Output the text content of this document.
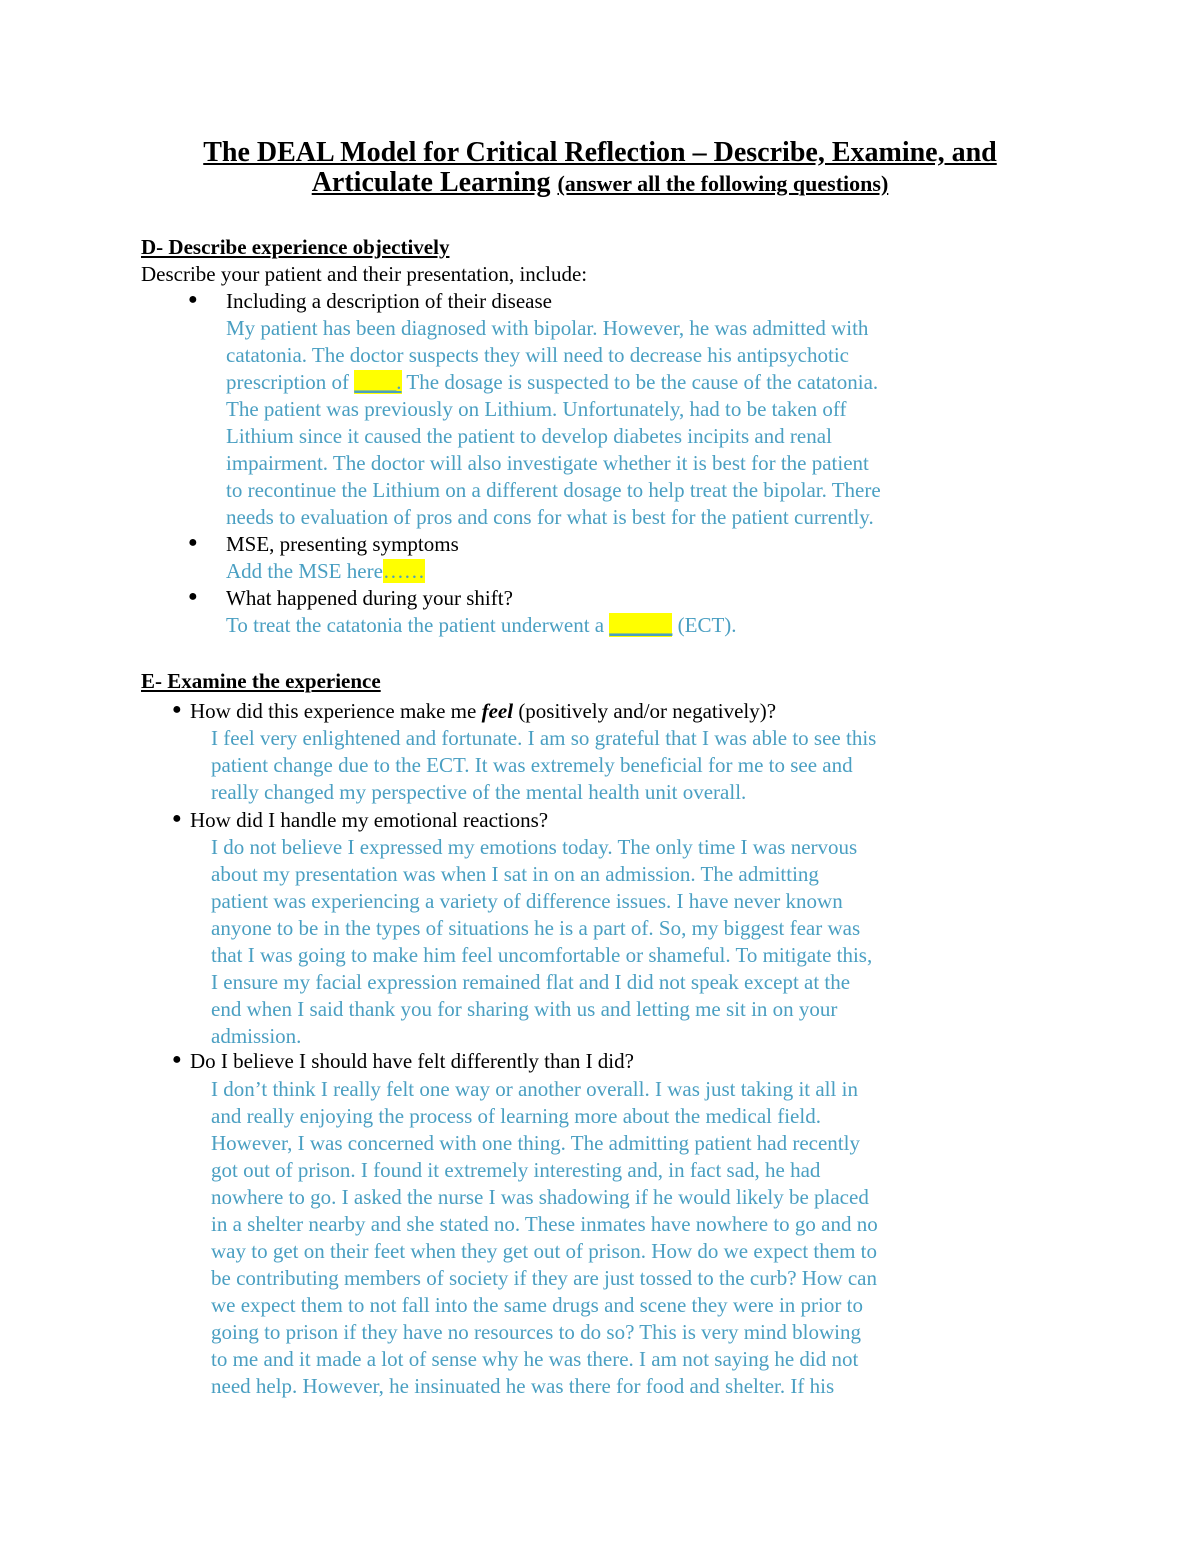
The DEAL Model for Critical Reflection – Describe, Examine, and
Articulate Learning (answer all the following questions)
D- Describe experience objectively
Describe your patient and their presentation, include:
● Including a description of their disease
My patient has been diagnosed with bipolar. However, he was admitted with
catatonia. The doctor suspects they will need to decrease his antipsychotic
prescription of ____. The dosage is suspected to be the cause of the catatonia.
The patient was previously on Lithium. Unfortunately, had to be taken off
Lithium since it caused the patient to develop diabetes incipits and renal
impairment. The doctor will also investigate whether it is best for the patient
to recontinue the Lithium on a different dosage to help treat the bipolar. There
needs to evaluation of pros and cons for what is best for the patient currently.
● MSE, presenting symptoms
Add the MSE here……
● What happened during your shift?
To treat the catatonia the patient underwent a ______ (ECT).
E- Examine the experience
● How did this experience make me feel (positively and/or negatively)?
I feel very enlightened and fortunate. I am so grateful that I was able to see this
patient change due to the ECT. It was extremely beneficial for me to see and
really changed my perspective of the mental health unit overall.
● How did I handle my emotional reactions?
I do not believe I expressed my emotions today. The only time I was nervous
about my presentation was when I sat in on an admission. The admitting
patient was experiencing a variety of difference issues. I have never known
anyone to be in the types of situations he is a part of. So, my biggest fear was
that I was going to make him feel uncomfortable or shameful. To mitigate this,
I ensure my facial expression remained flat and I did not speak except at the
end when I said thank you for sharing with us and letting me sit in on your
admission.
● Do I believe I should have felt differently than I did?
I don’t think I really felt one way or another overall. I was just taking it all in
and really enjoying the process of learning more about the medical field.
However, I was concerned with one thing. The admitting patient had recently
got out of prison. I found it extremely interesting and, in fact sad, he had
nowhere to go. I asked the nurse I was shadowing if he would likely be placed
in a shelter nearby and she stated no. These inmates have nowhere to go and no
way to get on their feet when they get out of prison. How do we expect them to
be contributing members of society if they are just tossed to the curb? How can
we expect them to not fall into the same drugs and scene they were in prior to
going to prison if they have no resources to do so? This is very mind blowing
to me and it made a lot of sense why he was there. I am not saying he did not
need help. However, he insinuated he was there for food and shelter. If his
